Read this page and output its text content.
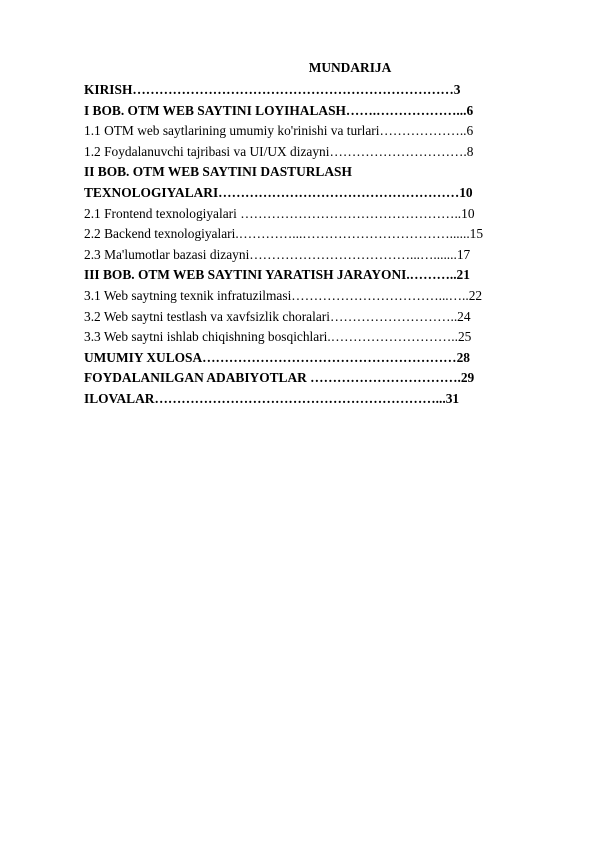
MUNDARIJA
KIRISH………………………………………………………………3
I BOB. OTM WEB SAYTINI LOYIHALASH…….………………...6
1.1 OTM web saytlarining umumiy ko'rinishi va turlari………………..6
1.2 Foydalanuvchi tajribasi va UI/UX dizayni………………………….8
II BOB. OTM WEB SAYTINI DASTURLASH
TEXNOLOGIYALARI………………………………………………10
2.1 Frontend texnologiyalari …………………………………………..10
2.2 Backend texnologiyalari.…………...……………………………......15
2.3 Ma'lumotlar bazasi dizayni………………………………...….......17
III BOB. OTM WEB SAYTINI YARATISH JARAYONI.………..21
3.1 Web saytning texnik infratuzilmasi……………………………...…..22
3.2 Web saytni testlash va xavfsizlik choralari………………………..24
3.3 Web saytni ishlab chiqishning bosqichlari.………………………..25
UMUMIY XULOSA…………………………………………………28
FOYDALANILGAN ADABIYOTLAR …………………………….29
ILOVALAR………………………………………………………...31
